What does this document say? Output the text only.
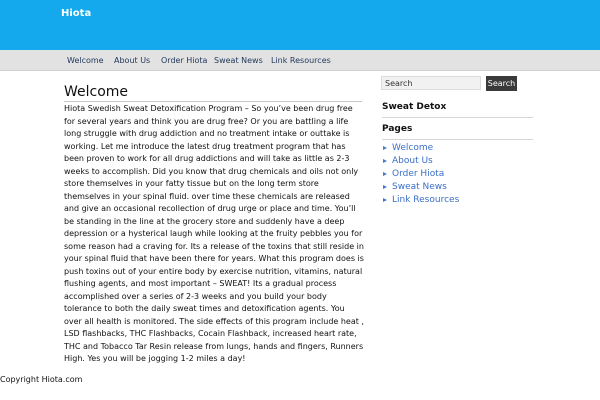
Hiota
Welcome About Us Order Hiota Sweat News Link Resources
Welcome

Hiota Swedish Sweat Detoxification Program – So you’ve been drug free for several years and think you are drug free? Or you are battling a life long struggle with drug addiction and no treatment intake or outtake is working. Let me introduce the latest drug treatment program that has been proven to work for all drug addictions and will take as little as 2-3 weeks to accomplish. Did you know that drug chemicals and oils not only store themselves in your fatty tissue but on the long term store themselves in your spinal fluid. over time these chemicals are released and give an occasional recollection of drug urge or place and time. You’ll be standing in the line at the grocery store and suddenly have a deep depression or a hysterical laugh while looking at the fruity pebbles you for some reason had a craving for. Its a release of the toxins that still reside in your spinal fluid that have been there for years. What this program does is push toxins out of your entire body by exercise nutrition, vitamins, natural flushing agents, and most important – SWEAT! Its a gradual process accomplished over a series of 2-3 weeks and you build your body tolerance to both the daily sweat times and detoxification agents. You over all health is monitored. The side effects of this program include heat , LSD flashbacks, THC Flashbacks, Cocain Flashback, increased heart rate, THC and Tobacco Tar Resin release from lungs, hands and fingers, Runners High. Yes you will be jogging 1-2 miles a day!

Search
Search
Sweat Detox
Pages
Welcome
About Us
Order Hiota
Sweat News
Link Resources
Copyright Hiota.com
